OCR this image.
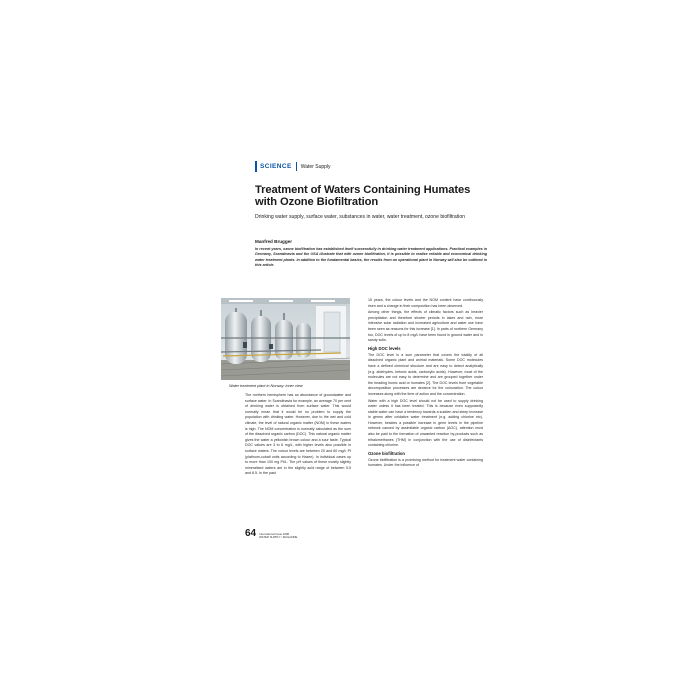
SCIENCE Water Supply
Treatment of Waters Containing Humates with Ozone Biofiltration
Drinking water supply, surface water, substances in water, water treatment, ozone biofiltration
Manfred Brugger
In recent years, ozone biofiltration has established itself successfully in drinking water treatment applications. Practical examples in Germany, Scandinavia and the USA illustrate that with ozone biofiltration, it is possible to realise reliable and economical drinking water treatment plants. In addition to the fundamental basics, the results from an operational plant in Norway will also be outlined in this article.
Water treatment plant in Norway: inner view

The northern hemisphere has an abundance of groundwater and surface water. In Scandinavia for example, an average 70 per cent of drinking water is obtained from surface water. This would normally mean that it would be no problem to supply the population with drinking water. However, due to the wet and cold climate, the level of natural organic matter (NOM) in these waters is high. The NOM concentration is normally calculated as the sum of the dissolved organic carbon (DOC). This natural organic matter gives the water a yellowish brown colour and a sour taste. Typical DOC values are 3 to 6 mg/L, with higher levels also possible in surface waters. The colour levels are between 20 and 60 mg/L Pt (platinum-cobalt units according to Hazen). In individual cases up to more than 100 mg Pt/L. The pH values of these mostly slightly mineralised waters are in the slightly acid range of between 5.5 and 6.5. In the past

15 years, the colour levels and the NOM content have continuously risen and a change in their composition has been observed.

Among other things, the effects of climatic factors such as heavier precipitation and therefore shorter periods in lakes and rain, more intensive solar radiation and increased agriculture and water use have been seen as reasons for this increase [1]. In parts of northern Germany too, DOC levels of up to 8 mg/L have been found in ground water and in sandy soils.

High DOC levels

The DOC level is a sum parameter that covers the totality of all dissolved organic plant and animal materials. Some DOC molecules have a defined chemical structure and are easy to detect analytically (e.g. aldehydes, ketonic acids, carboxylic acids). However, most of the molecules are not easy to determine and are grouped together under the heading humic acid or humates [2]. The DOC levels from vegetable decomposition processes are decisive for the colouration. The colour increases along with the time of action and the concentration.

Water with a high DOC level should not be used to supply drinking water unless it has been treated. This is because even supposedly stable water can have a tendency towards a sudden and steep increase in germs after oxidative water treatment (e.g. adding chlorine etc). However, besides a possible increase in germ levels in the pipeline network caused by assimilable organic carbon (AOC), attention must also be paid to the formation of unwanted reaction by-products such as trihalomethanes (THM) in conjunction with the use of disinfectants containing chlorine.

Ozone biofiltration

Ozone biofiltration is a promising method for treatment water containing humates. Under the influence of

64 International Issue 2008
WATER SUPPLY / MAGAZINE
